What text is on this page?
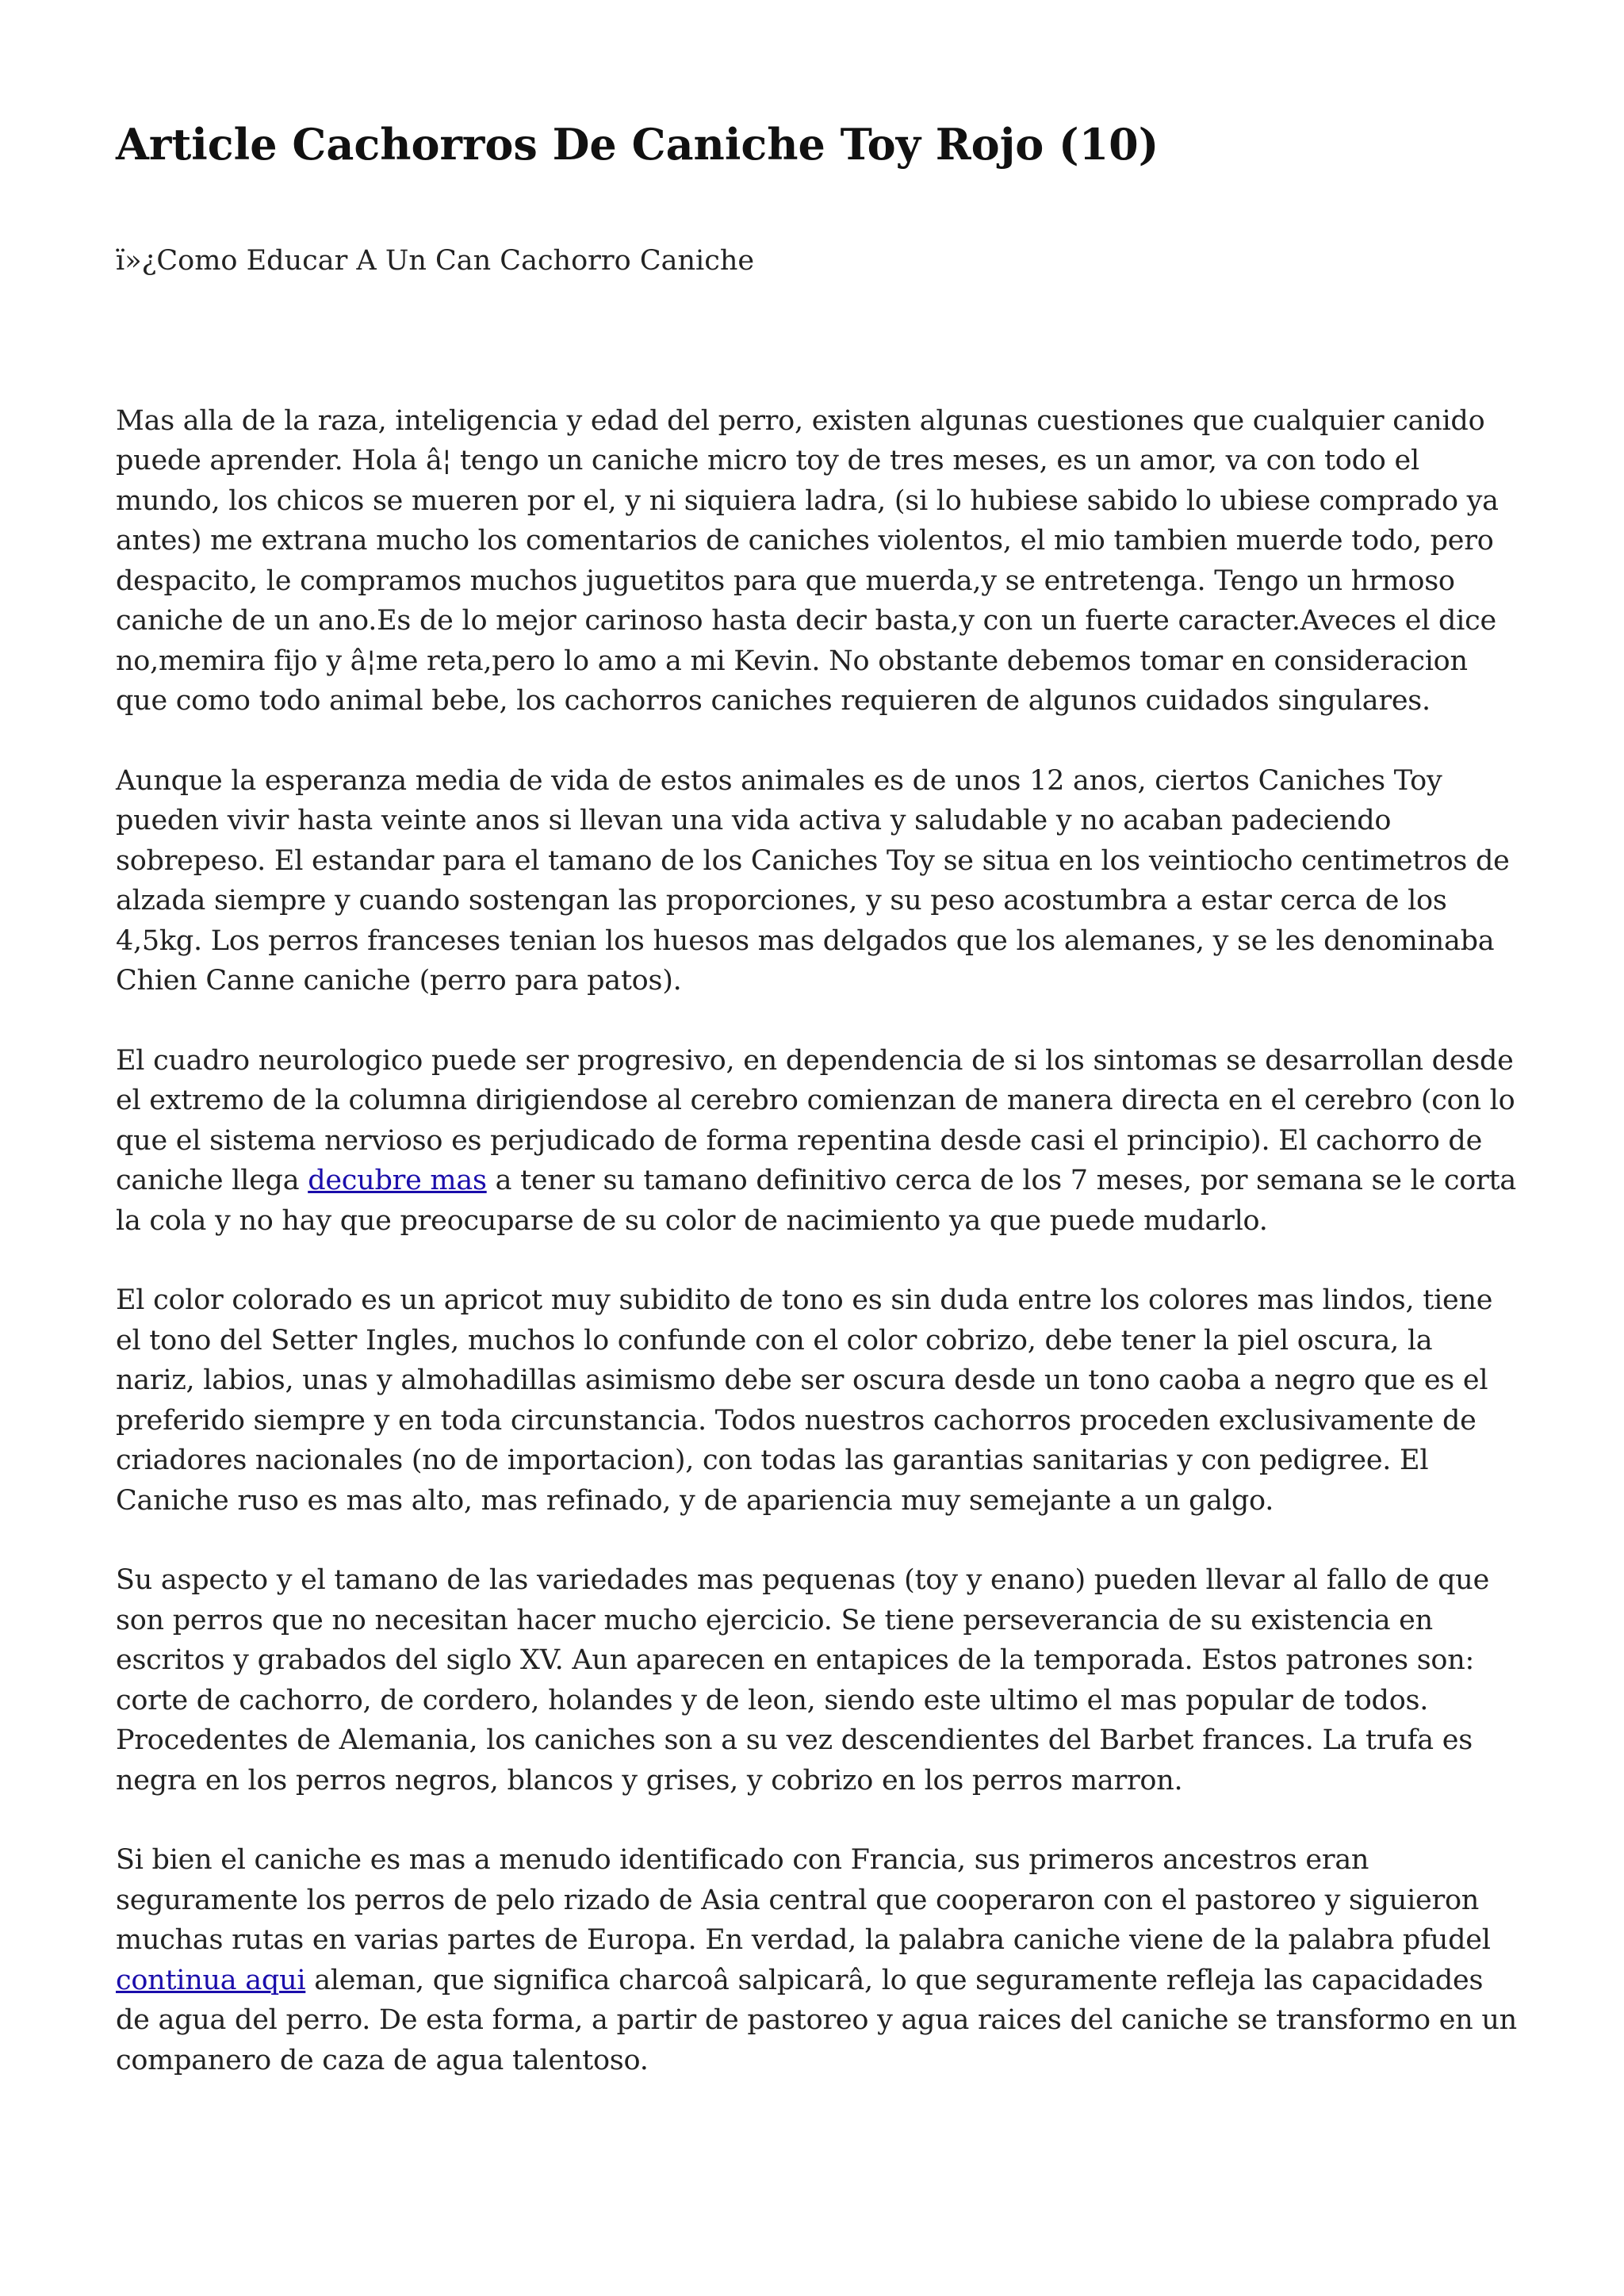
Article Cachorros De Caniche Toy Rojo (10)

ï»¿Como Educar A Un Can Cachorro Caniche

Mas alla de la raza, inteligencia y edad del perro, existen algunas cuestiones que cualquier canido puede aprender. Hola â¦ tengo un caniche micro toy de tres meses, es un amor, va con todo el mundo, los chicos se mueren por el, y ni siquiera ladra, (si lo hubiese sabido lo ubiese comprado ya antes) me extrana mucho los comentarios de caniches violentos, el mio tambien muerde todo, pero despacito, le compramos muchos juguetitos para que muerda,y se entretenga. Tengo un hrmoso caniche de un ano.Es de lo mejor carinoso hasta decir basta,y con un fuerte caracter.Aveces el dice no,memira fijo y â¦me reta,pero lo amo a mi Kevin. No obstante debemos tomar en consideracion que como todo animal bebe, los cachorros caniches requieren de algunos cuidados singulares.

Aunque la esperanza media de vida de estos animales es de unos 12 anos, ciertos Caniches Toy pueden vivir hasta veinte anos si llevan una vida activa y saludable y no acaban padeciendo sobrepeso. El estandar para el tamano de los Caniches Toy se situa en los veintiocho centimetros de alzada siempre y cuando sostengan las proporciones, y su peso acostumbra a estar cerca de los 4,5kg. Los perros franceses tenian los huesos mas delgados que los alemanes, y se les denominaba Chien Canne caniche (perro para patos).

El cuadro neurologico puede ser progresivo, en dependencia de si los sintomas se desarrollan desde el extremo de la columna dirigiendose al cerebro comienzan de manera directa en el cerebro (con lo que el sistema nervioso es perjudicado de forma repentina desde casi el principio). El cachorro de caniche llega decubre mas a tener su tamano definitivo cerca de los 7 meses, por semana se le corta la cola y no hay que preocuparse de su color de nacimiento ya que puede mudarlo.

El color colorado es un apricot muy subidito de tono es sin duda entre los colores mas lindos, tiene el tono del Setter Ingles, muchos lo confunde con el color cobrizo, debe tener la piel oscura, la nariz, labios, unas y almohadillas asimismo debe ser oscura desde un tono caoba a negro que es el preferido siempre y en toda circunstancia. Todos nuestros cachorros proceden exclusivamente de criadores nacionales (no de importacion), con todas las garantias sanitarias y con pedigree. El Caniche ruso es mas alto, mas refinado, y de apariencia muy semejante a un galgo.

Su aspecto y el tamano de las variedades mas pequenas (toy y enano) pueden llevar al fallo de que son perros que no necesitan hacer mucho ejercicio. Se tiene perseverancia de su existencia en escritos y grabados del siglo XV. Aun aparecen en entapices de la temporada. Estos patrones son: corte de cachorro, de cordero, holandes y de leon, siendo este ultimo el mas popular de todos. Procedentes de Alemania, los caniches son a su vez descendientes del Barbet frances. La trufa es negra en los perros negros, blancos y grises, y cobrizo en los perros marron.

Si bien el caniche es mas a menudo identificado con Francia, sus primeros ancestros eran seguramente los perros de pelo rizado de Asia central que cooperaron con el pastoreo y siguieron muchas rutas en varias partes de Europa. En verdad, la palabra caniche viene de la palabra pfudel continua aqui aleman, que significa charcoâ salpicarâ, lo que seguramente refleja las capacidades de agua del perro. De esta forma, a partir de pastoreo y agua raices del caniche se transformo en un companero de caza de agua talentoso.
